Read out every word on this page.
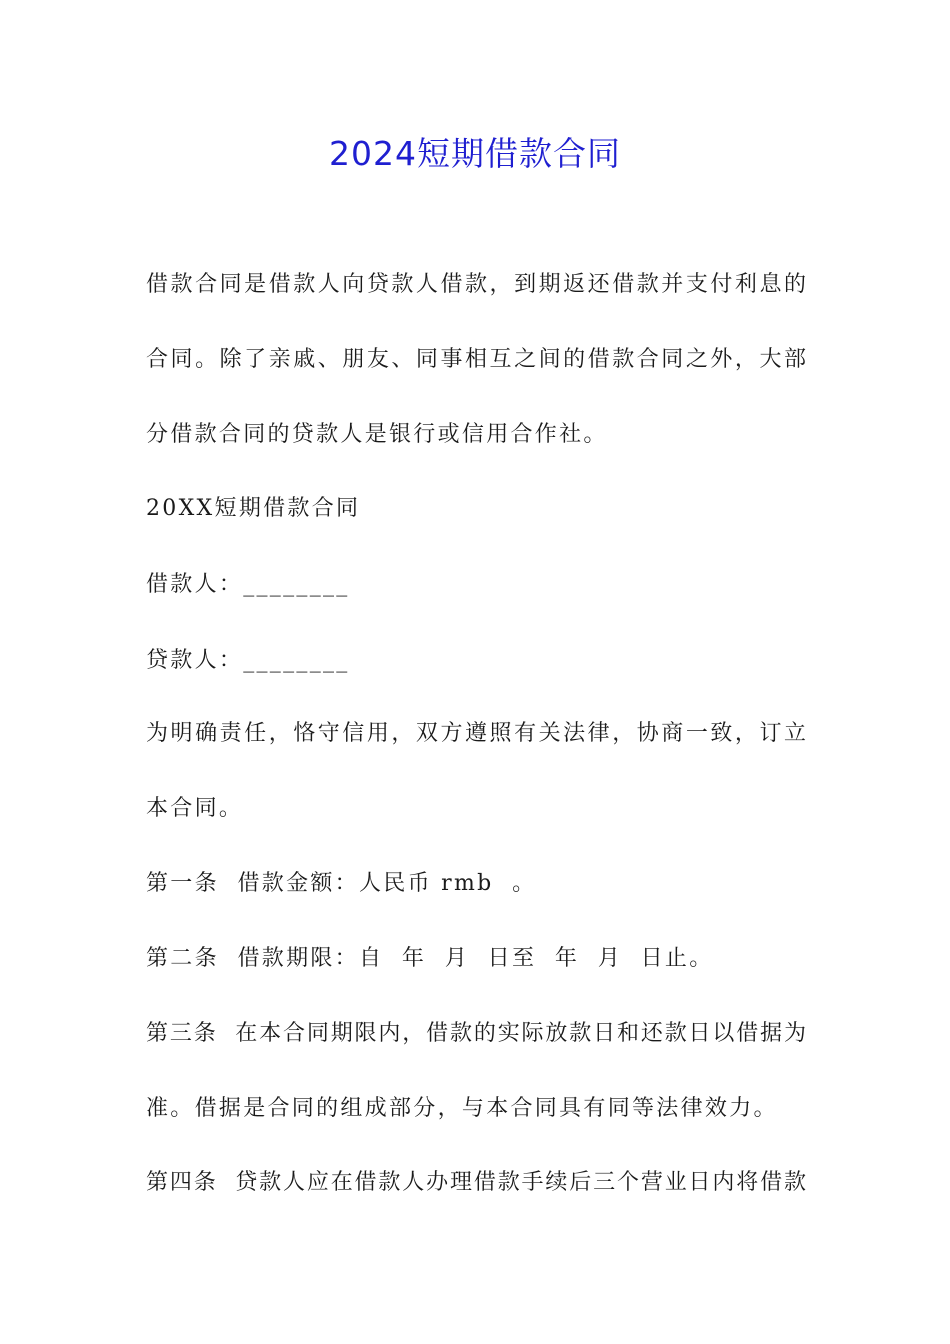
2024短期借款合同

借款合同是借款人向贷款人借款，到期返还借款并支付利息的

合同。除了亲戚、朋友、同事相互之间的借款合同之外，大部

分借款合同的贷款人是银行或信用合作社。

20XX短期借款合同

借款人：________

贷款人：________

为明确责任，恪守信用，双方遵照有关法律，协商一致，订立

本合同。

第一条  借款金额：人民币 rmb  。

第二条  借款期限：自  年  月  日至  年  月  日止。

第三条  在本合同期限内，借款的实际放款日和还款日以借据为

准。借据是合同的组成部分，与本合同具有同等法律效力。

第四条  贷款人应在借款人办理借款手续后三个营业日内将借款
